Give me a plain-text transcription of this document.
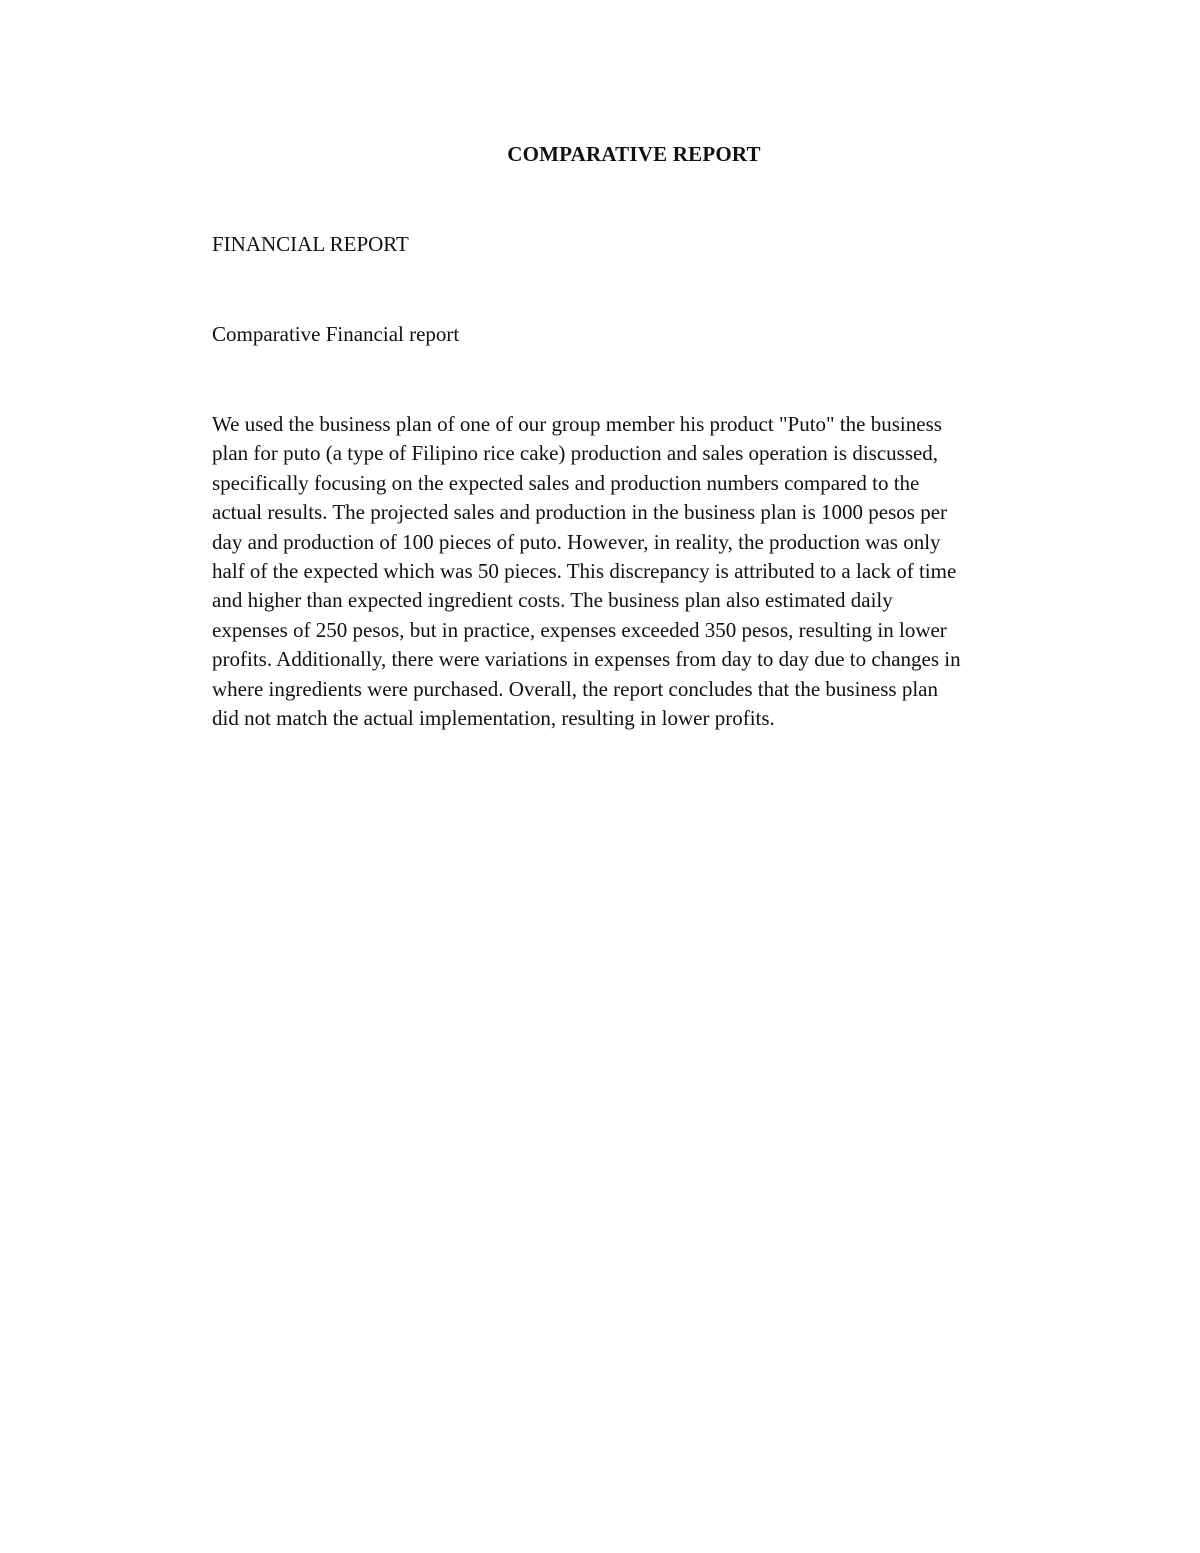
COMPARATIVE REPORT
FINANCIAL REPORT
Comparative Financial report
We used the business plan of one of our group member his product "Puto" the business
plan for puto (a type of Filipino rice cake) production and sales operation is discussed,
specifically focusing on the expected sales and production numbers compared to the
actual results. The projected sales and production in the business plan is 1000 pesos per
day and production of 100 pieces of puto. However, in reality, the production was only
half of the expected which was 50 pieces. This discrepancy is attributed to a lack of time
and higher than expected ingredient costs. The business plan also estimated daily
expenses of 250 pesos, but in practice, expenses exceeded 350 pesos, resulting in lower
profits. Additionally, there were variations in expenses from day to day due to changes in
where ingredients were purchased. Overall, the report concludes that the business plan
did not match the actual implementation, resulting in lower profits.
